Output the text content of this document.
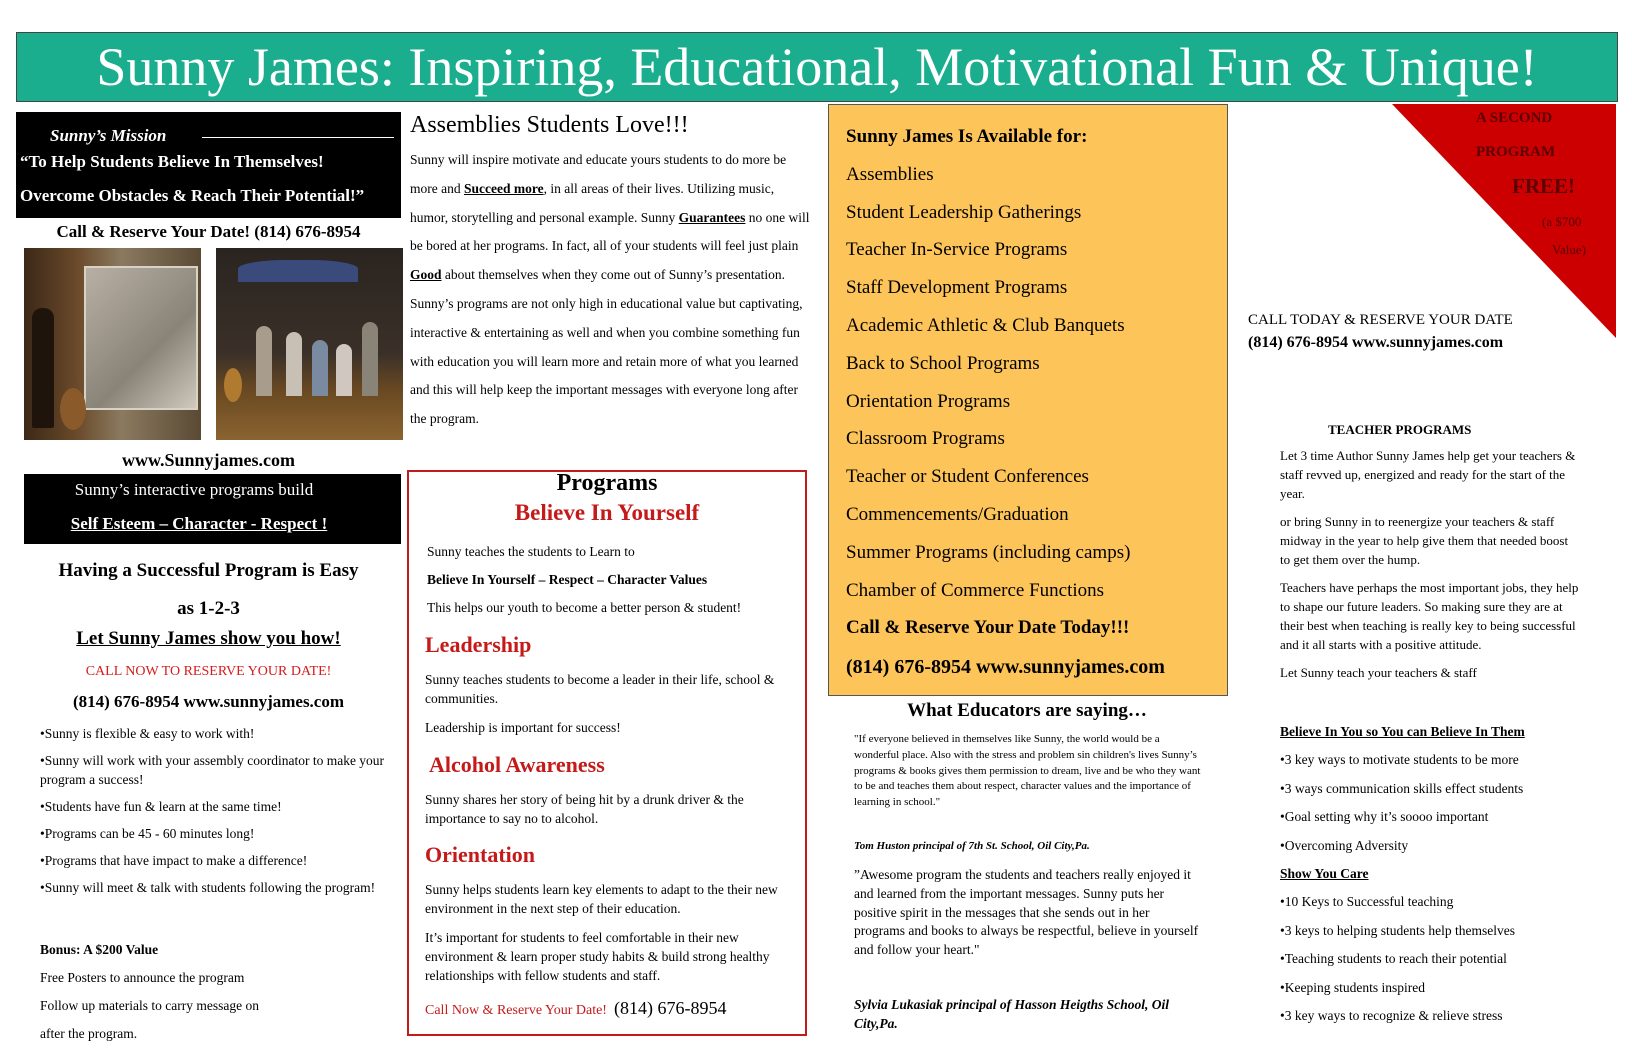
Sunny James: Inspiring, Educational, Motivational Fun & Unique!
Sunny’s Mission
“To Help Students Believe In Themselves!
Overcome Obstacles & Reach Their Potential!”
Call & Reserve Your Date! (814) 676-8954
www.Sunnyjames.com
Sunny’s interactive programs build
Self Esteem – Character - Respect !
Having a Successful Program is Easy
as 1-2-3
Let Sunny James show you how!
CALL NOW TO RESERVE YOUR DATE!
(814) 676-8954 www.sunnyjames.com
•Sunny is flexible & easy to work with!
•Sunny will work with your assembly coordinator to make your program a success!
•Students have fun & learn at the same time!
•Programs can be 45 - 60 minutes long!
•Programs that have impact to make a difference!
•Sunny will meet & talk with students following the program!
Bonus: A $200 Value
Free Posters to announce the program
Follow up materials to carry message on
after the program.
Assemblies Students Love!!!
Sunny will inspire motivate and educate yours students to do more be more and Succeed more, in all areas of their lives. Utilizing music, humor, storytelling and personal example. Sunny Guarantees no one will be bored at her programs. In fact, all of your students will feel just plain Good about themselves when they come out of Sunny’s presentation. Sunny’s programs are not only high in educational value but captivating, interactive & entertaining as well and when you combine something fun with education you will learn more and retain more of what you learned and this will help keep the important messages with everyone long after the program.
Programs
Believe In Yourself
Sunny teaches the students to Learn to
Believe In Yourself – Respect – Character Values
This helps our youth to become a better person & student!
Leadership
Sunny teaches students to become a leader in their life, school & communities.
Leadership is important for success!
Alcohol Awareness
Sunny shares her story of being hit by a drunk driver & the importance to say no to alcohol.
Orientation
Sunny helps students learn key elements to adapt to the their new environment in the next step of their education.
It’s important for students to feel comfortable in their new environment & learn proper study habits & build strong healthy relationships with fellow students and staff.
Call Now & Reserve Your Date! (814) 676-8954
Sunny James Is Available for:
Assemblies
Student Leadership Gatherings
Teacher In-Service Programs
Staff Development Programs
Academic Athletic & Club Banquets
Back to School Programs
Orientation Programs
Classroom Programs
Teacher or Student Conferences
Commencements/Graduation
Summer Programs (including camps)
Chamber of Commerce Functions
Call & Reserve Your Date Today!!!
(814) 676-8954 www.sunnyjames.com
What Educators are saying…
"If everyone believed in themselves like Sunny, the world would be a wonderful place. Also with the stress and problem sin children's lives Sunny’s programs & books gives them permission to dream, live and be who they want to be and teaches them about respect, character values and the importance of learning in school."
Tom Huston principal of 7th St. School, Oil City,Pa.
”Awesome program the students and teachers really enjoyed it and learned from the important messages. Sunny puts her positive spirit in the messages that she sends out in her programs and books to always be respectful, believe in yourself and follow your heart."
Sylvia Lukasiak principal of Hasson Heigths School, Oil City,Pa.
A SECOND
PROGRAM
FREE!
(a $700
Value)
CALL TODAY & RESERVE YOUR DATE
(814) 676-8954 www.sunnyjames.com
TEACHER PROGRAMS

Let 3 time Author Sunny James help get your teachers & staff revved up, energized and ready for the start of the year.

or bring Sunny in to reenergize your teachers & staff midway in the year to help give them that needed boost to get them over the hump.

Teachers have perhaps the most important jobs, they help to shape our future leaders. So making sure they are at their best when teaching is really key to being successful and it all starts with a positive attitude.

Let Sunny teach your teachers & staff

Believe In You so You can Believe In Them
•3 key ways to motivate students to be more
•3 ways communication skills effect students
•Goal setting why it’s soooo important
•Overcoming Adversity
Show You Care
•10 Keys to Successful teaching
•3 keys to helping students help themselves
•Teaching students to reach their potential
•Keeping students inspired
•3 key ways to recognize & relieve stress
